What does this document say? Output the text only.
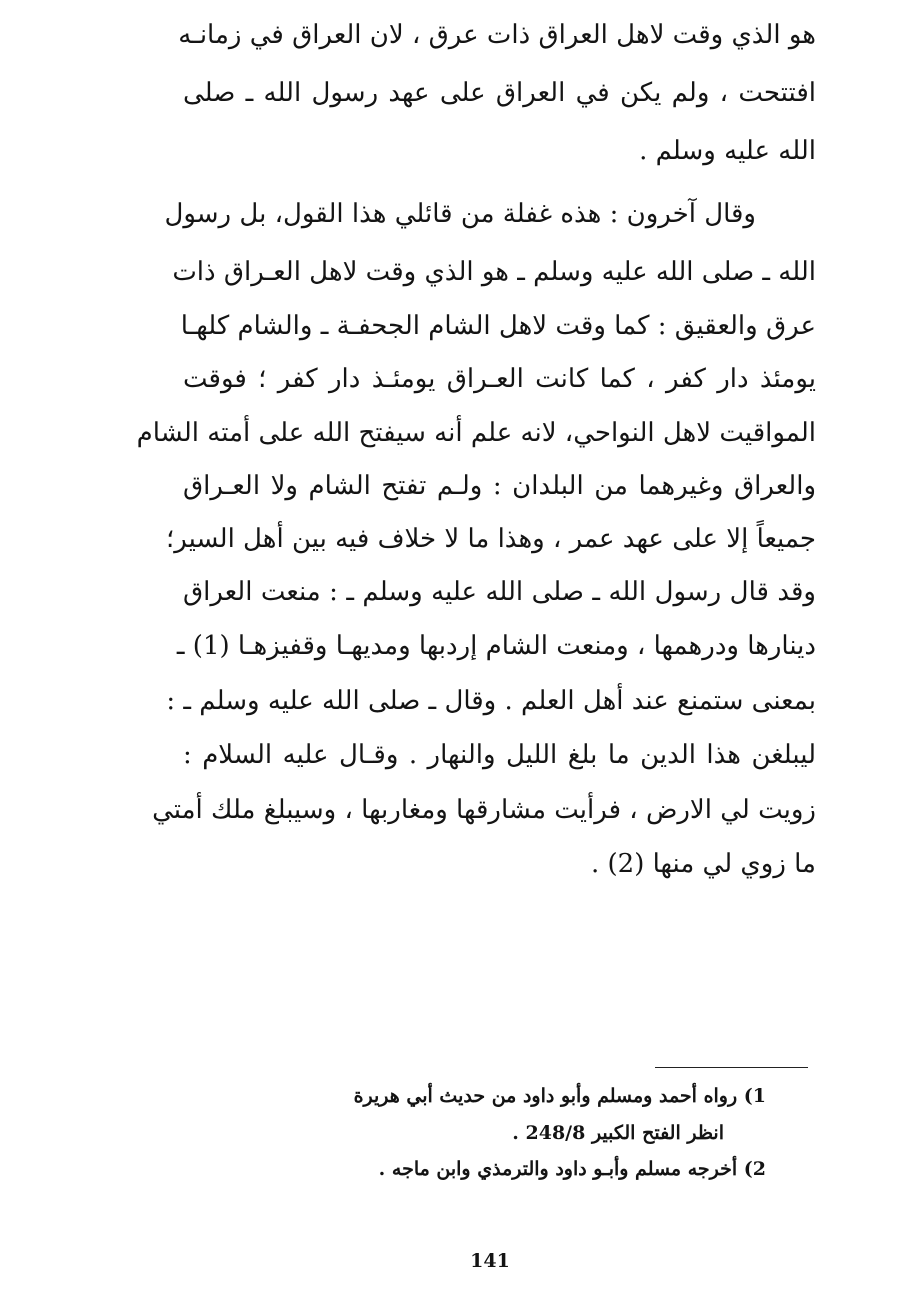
هو الذي وقت لاهل العراق ذات عرق ، لان العراق في زمانـه
افتتحت ، ولم يكن في العراق على عهد رسول الله ـ صلى
الله عليه وسلم .
وقال آخرون : هذه غفلة من قائلي هذا القول، بل رسول
الله ـ صلى الله عليه وسلم ـ هو الذي وقت لاهل العـراق ذات
عرق والعقيق : كما وقت لاهل الشام الجحفـة ـ والشام كلهـا
يومئذ دار كفر ، كما كانت العـراق يومئـذ دار كفر ؛ فوقت
المواقيت لاهل النواحي، لانه علم أنه سيفتح الله على أمته الشام
والعراق وغيرهما من البلدان : ولـم تفتح الشام ولا العـراق
جميعاً إلا على عهد عمر ، وهذا ما لا خلاف فيه بين أهل السير؛
وقد قال رسول الله ـ صلى الله عليه وسلم ـ : منعت العراق
دينارها ودرهمها ، ومنعت الشام إردبها ومديهـا وقفيزهـا (1) ـ
بمعنى ستمنع عند أهل العلم . وقال ـ صلى الله عليه وسلم ـ :
ليبلغن هذا الدين ما بلغ الليل والنهار . وقـال عليه السلام :
زويت لي الارض ، فرأيت مشارقها ومغاربها ، وسيبلغ ملك أمتي
ما زوي لي منها (2) .
1) رواه أحمد ومسلم وأبو داود من حديث أبي هريرة
انظر الفتح الكبير 248/8 .
2) أخرجه مسلم وأبـو داود والترمذي وابن ماجه .
141
